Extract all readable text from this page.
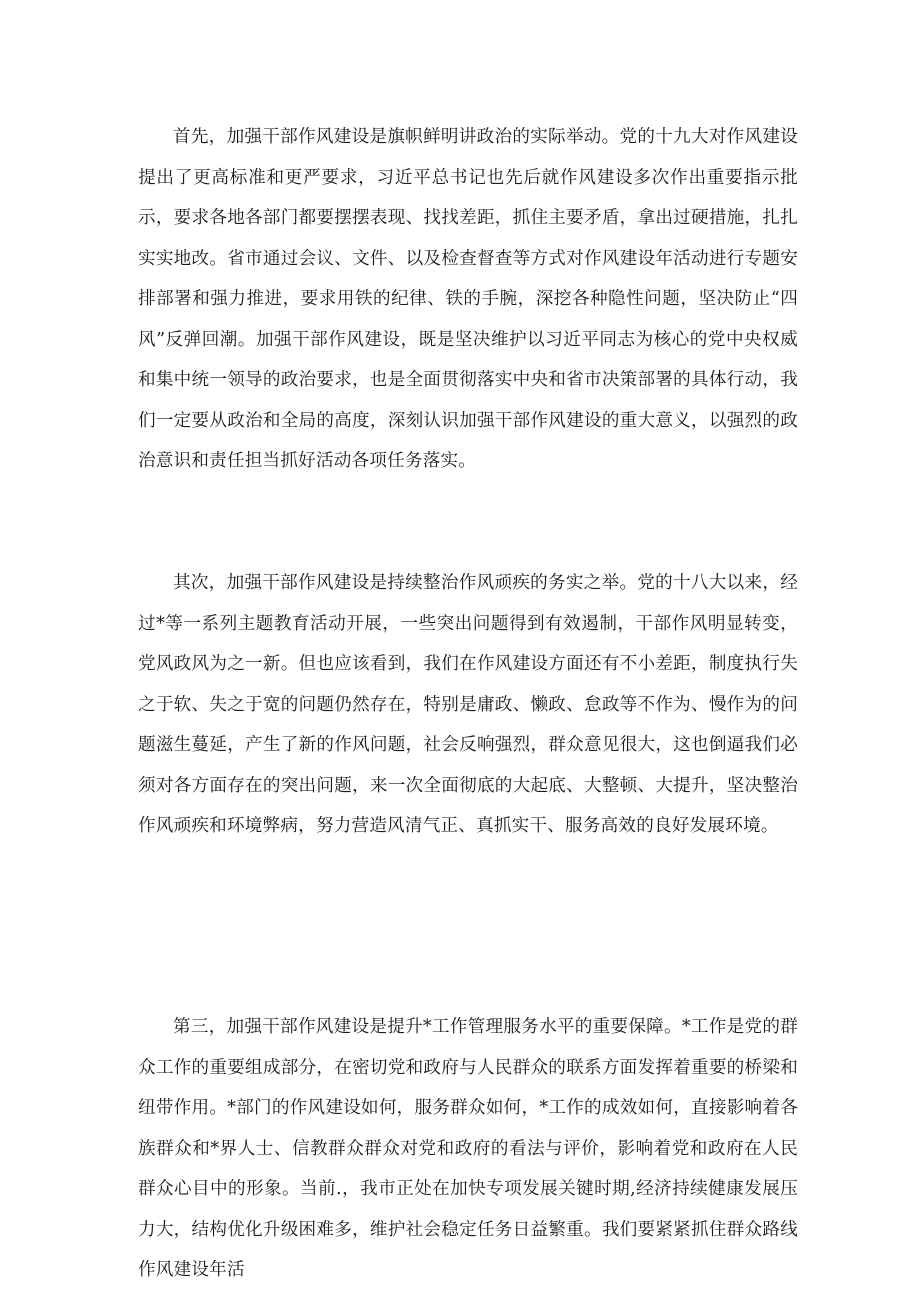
首先，加强干部作风建设是旗帜鲜明讲政治的实际举动。党的十九大对作风建设提出了更高标准和更严要求，习近平总书记也先后就作风建设多次作出重要指示批示，要求各地各部门都要摆摆表现、找找差距，抓住主要矛盾，拿出过硬措施，扎扎实实地改。省市通过会议、文件、以及检查督查等方式对作风建设年活动进行专题安排部署和强力推进，要求用铁的纪律、铁的手腕，深挖各种隐性问题，坚决防止“四风”反弹回潮。加强干部作风建设，既是坚决维护以习近平同志为核心的党中央权威和集中统一领导的政治要求，也是全面贯彻落实中央和省市决策部署的具体行动，我们一定要从政治和全局的高度，深刻认识加强干部作风建设的重大意义，以强烈的政治意识和责任担当抓好活动各项任务落实。

其次，加强干部作风建设是持续整治作风顽疾的务实之举。党的十八大以来，经过*等一系列主题教育活动开展，一些突出问题得到有效遏制，干部作风明显转变，党风政风为之一新。但也应该看到，我们在作风建设方面还有不小差距，制度执行失之于软、失之于宽的问题仍然存在，特别是庸政、懒政、怠政等不作为、慢作为的问题滋生蔓延，产生了新的作风问题，社会反响强烈，群众意见很大，这也倒逼我们必须对各方面存在的突出问题，来一次全面彻底的大起底、大整顿、大提升，坚决整治作风顽疾和环境弊病，努力营造风清气正、真抓实干、服务高效的良好发展环境。

第三，加强干部作风建设是提升*工作管理服务水平的重要保障。*工作是党的群众工作的重要组成部分，在密切党和政府与人民群众的联系方面发挥着重要的桥梁和纽带作用。*部门的作风建设如何，服务群众如何，*工作的成效如何，直接影响着各族群众和*界人士、信教群众群众对党和政府的看法与评价，影响着党和政府在人民群众心目中的形象。当前.，我市正处在加快专项发展关键时期,经济持续健康发展压力大，结构优化升级困难多，维护社会稳定任务日益繁重。我们要紧紧抓住群众路线作风建设年活
